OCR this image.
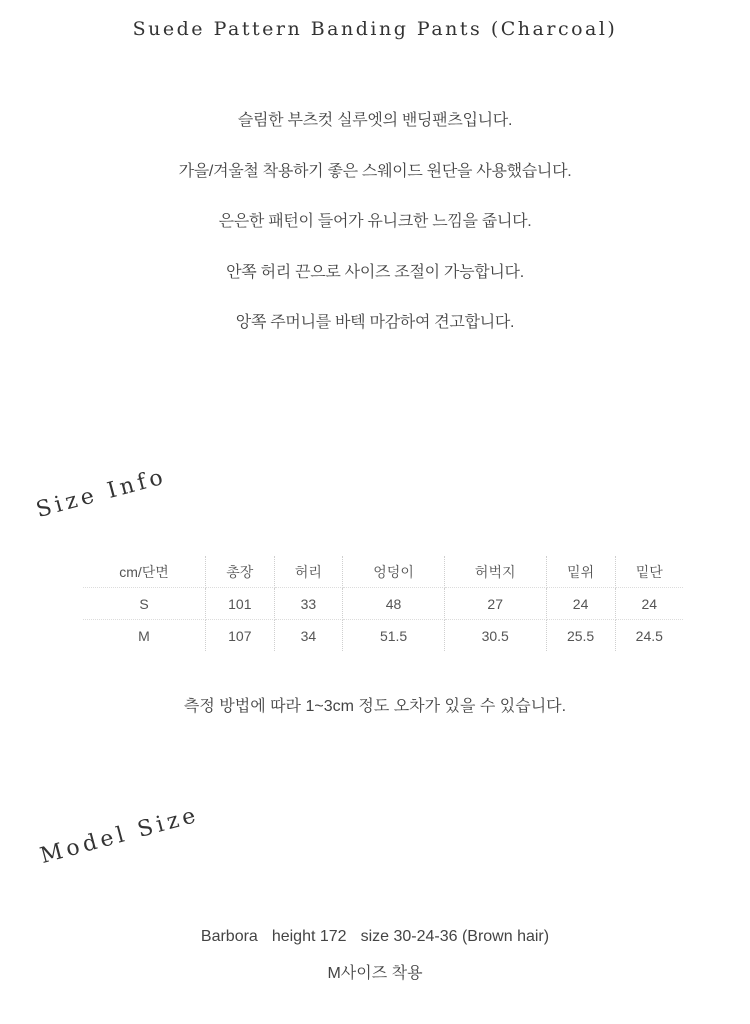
Suede Pattern Banding Pants (Charcoal)
슬림한 부츠컷 실루엣의 밴딩팬츠입니다.
가을/겨울철 착용하기 좋은 스웨이드 원단을 사용했습니다.
은은한 패턴이 들어가 유니크한 느낌을 줍니다.
안쪽 허리 끈으로 사이즈 조절이 가능합니다.
앙쪽 주머니를 바텍 마감하여 견고합니다.
Size Info
cm/단면	총장	허리	엉덩이	허벅지	밑위	밑단
S	101	33	48	27	24	24
M	107	34	51.5	30.5	25.5	24.5
측정 방법에 따라 1~3cm 정도 오차가 있을 수 있습니다.
Model Size
Barbora height 172 size 30-24-36 (Brown hair)
M사이즈 착용
